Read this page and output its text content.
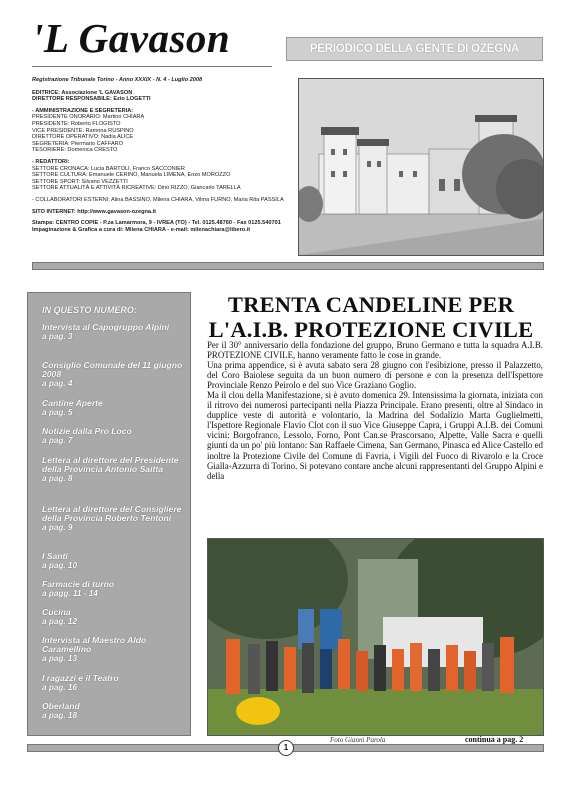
'L Gavason	PERIODICO DELLA GENTE DI OZEGNA
Registrazione Tribunale Torino - Anno XXXIX - N. 4 - Luglio 2008
EDITRICE: Associazione 'L GAVASON
DIRETTORE RESPONSABILE: Ezio LOGETTI
- AMMINISTRAZIONE E SEGRETERIA:
PRESIDENTE ONORARIO: Martino CHIARA
PRESIDENTE: Roberto FLOGISTO
VICE PRESIDENTE: Ramona RUSPINO
DIRETTORE OPERATIVO: Nadia ALICE
SEGRETERIA: Piermario CAFFARO
TESORIERE: Domenica CRESTO
- REDATTORI:
SETTORE CRONACA: Lucia BARTOLI, Franco SACCONIER
SETTORE CULTURA: Emanuele CERINO, Manuela LIMENA, Enzo MOROZZO
SETTORE SPORT: Silvano VEZZETTI
SETTORE ATTUALITÀ E ATTIVITÀ RICREATIVE: Dino RIZZO, Giancarlo TARELLA
- COLLABORATORI ESTERNI: Alina BASSINO, Milena CHIARA, Vilma FURNO, Maria Rita PASSILA
SITO INTERNET: http://www.gavason-ozegna.it
Stampa: CENTRO COPIE - P.za Lamarmora, 9 - IVREA (TO) - Tel. 0125.48760 - Fax 0125.540701
Impaginazione & Grafica a cura di: Milena CHIARA - e-mail: milenachiara@libero.it
IN QUESTO NUMERO:
Intervista al Capogruppo Alpini
a pag. 3
Consiglio Comunale del 11 giugno 2008
a pag. 4
Cantine Aperte
a pag. 5
Notizie dalla Pro Loco
a pag. 7
Lettera al direttore del Presidente della Provincia Antonio Saitta
a pag. 8
Lettera al direttore del Consigliere della Provincia Roberto Tentoni
a pag. 9
I Santi
a pag. 10
Farmacie di turno
a pagg. 11 - 14
Cucina
a pag. 12
Intervista al Maestro Aldo Caramellino
a pag. 13
I ragazzi e il Teatro
a pag. 16
Oberland
a pag. 18
TRENTA CANDELINE PER
L'A.I.B. PROTEZIONE CIVILE

Per il 30° anniversario della fondazione del gruppo, Bruno Germano e tutta la squadra A.I.B. PROTEZIONE CIVILE, hanno veramente fatto le cose in grande.

Una prima appendice, si è avuta sabato sera 28 giugno con l'esibizione, presso il Palazzetto, del Coro Baiolese seguita da un buon numero di persone e con la presenza dell'Ispettore Provinciale Renzo Peirolo e del suo Vice Graziano Goglio.

Ma il clou della Manifestazione, si è avuto domenica 29. Intensissima la giornata, iniziata con il ritrovo dei numerosi partecipanti nella Piazza Principale. Erano presenti, oltre al Sindaco in dupplice veste di autorità e volontario, la Madrina del Sodalizio Marta Guglielmetti, l'Ispettore Regionale Flavio Clot con il suo Vice Giuseppe Capra, i Gruppi A.I.B. dei Comuni vicini: Borgofranco, Lessolo, Forno, Pont Can.se Prascorsano, Alpette, Valle Sacra e quelli giunti da un po' più lontano: San Raffaele Cimena, San Germano, Pinasca ed Alice Castello ed inoltre la Protezione Civile del Comune di Favria, i Vigili del Fuoco di Rivarolo e la Croce Gialla-Azzurra di Torino. Si potevano contare anche alcuni rappresentanti del Gruppo Alpini e della

Foto Gianni Parola	continua a pag. 2
1
